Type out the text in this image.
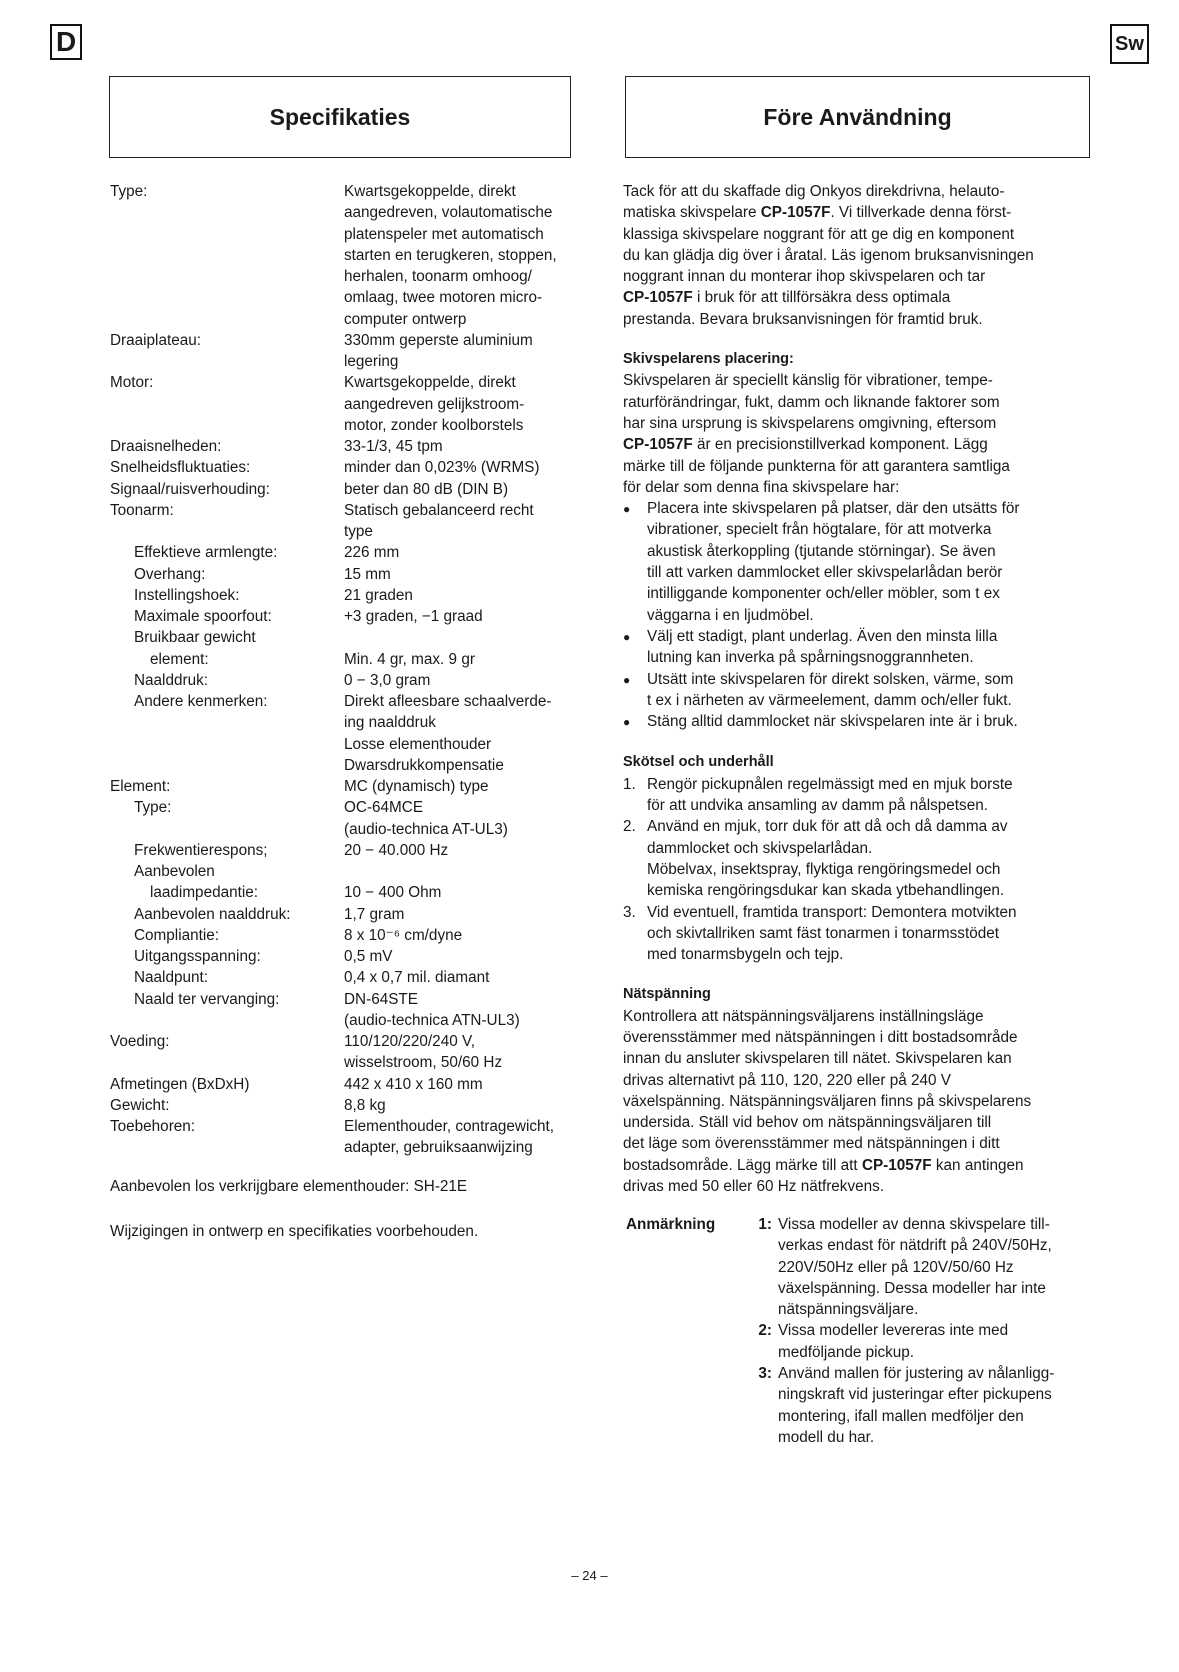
D	Sw
Specifikaties	Före Användning
Type:	Kwartsgekoppelde, direkt
aangedreven, volautomatische
platenspeler met automatisch
starten en terugkeren, stoppen,
herhalen, toonarm omhoog/
omlaag, twee motoren micro-
computer ontwerp
Draaiplateau:	330mm geperste aluminium
legering
Motor:	Kwartsgekoppelde, direkt
aangedreven gelijkstroom-
motor, zonder koolborstels
Draaisnelheden:	33-1/3, 45 tpm
Snelheidsfluktuaties:	minder dan 0,023% (WRMS)
Signaal/ruisverhouding:	beter dan 80 dB (DIN B)
Toonarm:	Statisch gebalanceerd recht
type
Effektieve armlengte:	226 mm
Overhang:	15 mm
Instellingshoek:	21 graden
Maximale spoorfout:	+3 graden, −1 graad
Bruikbaar gewicht

element:	Min. 4 gr, max. 9 gr
Naalddruk:	0 − 3,0 gram
Andere kenmerken:	Direkt afleesbare schaalverde-
ing naalddruk
Losse elementhouder
Dwarsdrukkompensatie
Element:	MC (dynamisch) type
Type:	OC-64MCE
(audio-technica AT-UL3)
Frekwentierespons;	20 − 40.000 Hz
Aanbevolen

laadimpedantie:	10 − 400 Ohm
Aanbevolen naalddruk:	1,7 gram
Compliantie:	8 x 10⁻⁶ cm/dyne
Uitgangsspanning:	0,5 mV
Naaldpunt:	0,4 x 0,7 mil. diamant
Naald ter vervanging:	DN-64STE
(audio-technica ATN-UL3)
Voeding:	110/120/220/240 V,
wisselstroom, 50/60 Hz
Afmetingen (BxDxH)	442 x 410 x 160 mm
Gewicht:	8,8 kg
Toebehoren:	Elementhouder, contragewicht,
adapter, gebruiksaanwijzing
Aanbevolen los verkrijgbare elementhouder: SH-21E
Wijzigingen in ontwerp en specifikaties voorbehouden.

Tack för att du skaffade dig Onkyos direkdrivna, helauto-
matiska skivspelare CP-1057F. Vi tillverkade denna först-
klassiga skivspelare noggrant för att ge dig en komponent
du kan glädja dig över i åratal. Läs igenom bruksanvisningen
noggrant innan du monterar ihop skivspelaren och tar
CP-1057F i bruk för att tillförsäkra dess optimala
prestanda. Bevara bruksanvisningen för framtid bruk.

Skivspelarens placering:

Skivspelaren är speciellt känslig för vibrationer, tempe-
raturförändringar, fukt, damm och liknande faktorer som
har sina ursprung is skivspelarens omgivning, eftersom
CP-1057F är en precisionstillverkad komponent. Lägg
märke till de följande punkterna för att garantera samtliga
för delar som denna fina skivspelare har:

●	Placera inte skivspelaren på platser, där den utsätts för
vibrationer, specielt från högtalare, för att motverka
akustisk återkoppling (tjutande störningar). Se även
till att varken dammlocket eller skivspelarlådan berör
intilliggande komponenter och/eller möbler, som t ex
väggarna i en ljudmöbel.
●	Välj ett stadigt, plant underlag. Även den minsta lilla
lutning kan inverka på spårningsnoggrannheten.
●	Utsätt inte skivspelaren för direkt solsken, värme, som
t ex i närheten av värmeelement, damm och/eller fukt.
●	Stäng alltid dammlocket när skivspelaren inte är i bruk.

Skötsel och underhåll

1. Rengör pickupnålen regelmässigt med en mjuk borste
för att undvika ansamling av damm på nålspetsen.
2. Använd en mjuk, torr duk för att då och då damma av
dammlocket och skivspelarlådan.
Möbelvax, insektspray, flyktiga rengöringsmedel och
kemiska rengöringsdukar kan skada ytbehandlingen.
3. Vid eventuell, framtida transport: Demontera motvikten
och skivtallriken samt fäst tonarmen i tonarmsstödet
med tonarmsbygeln och tejp.

Nätspänning

Kontrollera att nätspänningsväljarens inställningsläge
överensstämmer med nätspänningen i ditt bostadsområde
innan du ansluter skivspelaren till nätet. Skivspelaren kan
drivas alternativt på 110, 120, 220 eller på 240 V
växelspänning. Nätspänningsväljaren finns på skivspelarens
undersida. Ställ vid behov om nätspänningsväljaren till
det läge som överensstämmer med nätspänningen i ditt
bostadsområde. Lägg märke till att CP-1057F kan antingen
drivas med 50 eller 60 Hz nätfrekvens.

Anmärkning	1: Vissa modeller av denna skivspelare till-
verkas endast för nätdrift på 240V/50Hz,
220V/50Hz eller på 120V/50/60 Hz
växelspänning. Dessa modeller har inte
nätspänningsväljare.
2: Vissa modeller levereras inte med
medföljande pickup.
3: Använd mallen för justering av nålanligg-
ningskraft vid justeringar efter pickupens
montering, ifall mallen medföljer den
modell du har.
– 24 –
